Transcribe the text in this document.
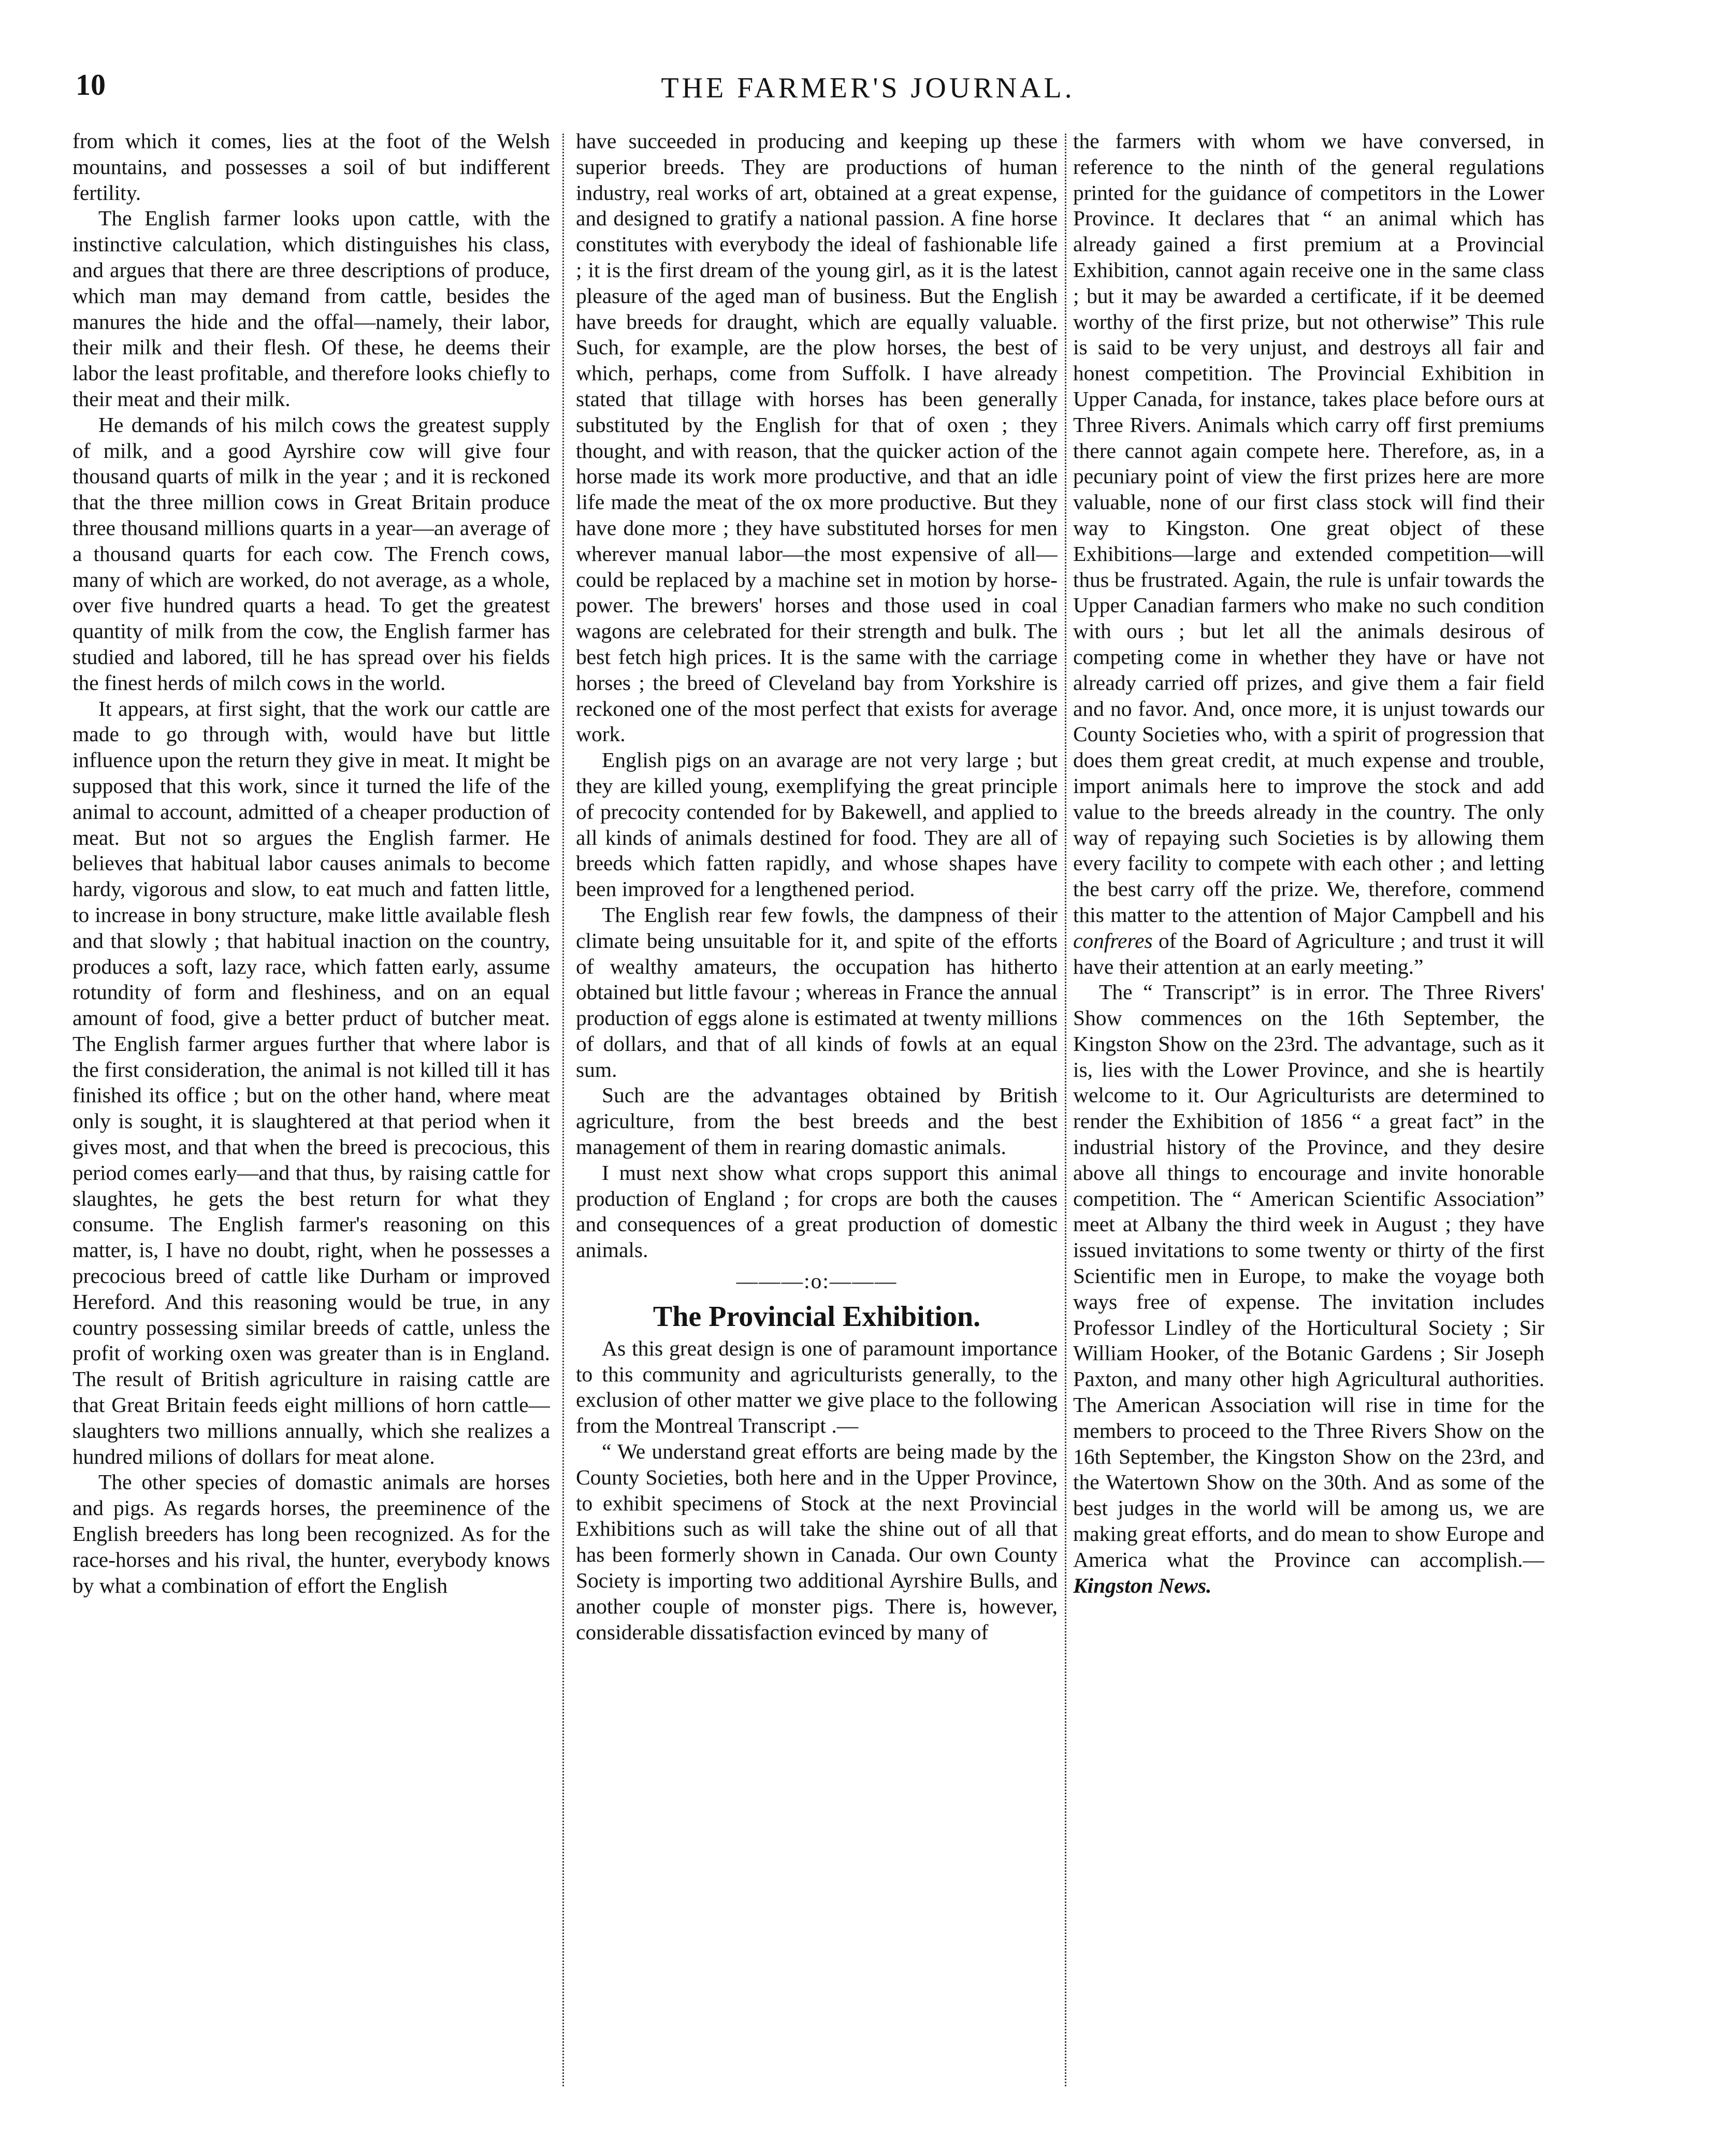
10	THE FARMER'S JOURNAL.

from which it comes, lies at the foot of the Welsh mountains, and possesses a soil of but indifferent fertility.

The English farmer looks upon cattle, with the instinctive calculation, which distinguishes his class, and argues that there are three descriptions of produce, which man may demand from cattle, besides the manures the hide and the offal—namely, their labor, their milk and their flesh. Of these, he deems their labor the least profitable, and therefore looks chiefly to their meat and their milk.

He demands of his milch cows the greatest supply of milk, and a good Ayrshire cow will give four thousand quarts of milk in the year ; and it is reckoned that the three million cows in Great Britain produce three thousand millions quarts in a year—an average of a thousand quarts for each cow. The French cows, many of which are worked, do not average, as a whole, over five hundred quarts a head. To get the greatest quantity of milk from the cow, the English farmer has studied and labored, till he has spread over his fields the finest herds of milch cows in the world.

It appears, at first sight, that the work our cattle are made to go through with, would have but little influence upon the return they give in meat. It might be supposed that this work, since it turned the life of the animal to account, admitted of a cheaper production of meat. But not so argues the English farmer. He believes that habitual labor causes animals to become hardy, vigorous and slow, to eat much and fatten little, to increase in bony structure, make little available flesh and that slowly ; that habitual inaction on the country, produces a soft, lazy race, which fatten early, assume rotundity of form and fleshiness, and on an equal amount of food, give a better prduct of butcher meat. The English farmer argues further that where labor is the first consideration, the animal is not killed till it has finished its office ; but on the other hand, where meat only is sought, it is slaughtered at that period when it gives most, and that when the breed is precocious, this period comes early—and that thus, by raising cattle for slaughtes, he gets the best return for what they consume. The English farmer's reasoning on this matter, is, I have no doubt, right, when he possesses a precocious breed of cattle like Durham or improved Hereford. And this reasoning would be true, in any country possessing similar breeds of cattle, unless the profit of working oxen was greater than is in England. The result of British agriculture in raising cattle are that Great Britain feeds eight millions of horn cattle—slaughters two millions annually, which she realizes a hundred milions of dollars for meat alone.

The other species of domastic animals are horses and pigs. As regards horses, the preeminence of the English breeders has long been recognized. As for the race-horses and his rival, the hunter, everybody knows by what a combination of effort the English

have succeeded in producing and keeping up these superior breeds. They are productions of human industry, real works of art, obtained at a great expense, and designed to gratify a national passion. A fine horse constitutes with everybody the ideal of fashionable life ; it is the first dream of the young girl, as it is the latest pleasure of the aged man of business. But the English have breeds for draught, which are equally valuable. Such, for example, are the plow horses, the best of which, perhaps, come from Suffolk. I have already stated that tillage with horses has been generally substituted by the English for that of oxen ; they thought, and with reason, that the quicker action of the horse made its work more productive, and that an idle life made the meat of the ox more productive. But they have done more ; they have substituted horses for men wherever manual labor—the most expensive of all—could be replaced by a machine set in motion by horse-power. The brewers' horses and those used in coal wagons are celebrated for their strength and bulk. The best fetch high prices. It is the same with the carriage horses ; the breed of Cleveland bay from Yorkshire is reckoned one of the most perfect that exists for average work.

English pigs on an avarage are not very large ; but they are killed young, exemplifying the great principle of precocity contended for by Bakewell, and applied to all kinds of animals destined for food. They are all of breeds which fatten rapidly, and whose shapes have been improved for a lengthened period.

The English rear few fowls, the dampness of their climate being unsuitable for it, and spite of the efforts of wealthy amateurs, the occupation has hitherto obtained but little favour ; whereas in France the annual production of eggs alone is estimated at twenty millions of dollars, and that of all kinds of fowls at an equal sum.

Such are the advantages obtained by British agriculture, from the best breeds and the best management of them in rearing domastic animals.

I must next show what crops support this animal production of England ; for crops are both the causes and consequences of a great production of domestic animals.

———:o:———
The Provincial Exhibition.

As this great design is one of paramount importance to this community and agriculturists generally, to the exclusion of other matter we give place to the following from the Montreal Transcript .—

“ We understand great efforts are being made by the County Societies, both here and in the Upper Province, to exhibit specimens of Stock at the next Provincial Exhibitions such as will take the shine out of all that has been formerly shown in Canada. Our own County Society is importing two additional Ayrshire Bulls, and another couple of monster pigs. There is, however, considerable dissatisfaction evinced by many of

the farmers with whom we have conversed, in reference to the ninth of the general regulations printed for the guidance of competitors in the Lower Province. It declares that “ an animal which has already gained a first premium at a Provincial Exhibition, cannot again receive one in the same class ; but it may be awarded a certificate, if it be deemed worthy of the first prize, but not otherwise” This rule is said to be very unjust, and destroys all fair and honest competition. The Provincial Exhibition in Upper Canada, for instance, takes place before ours at Three Rivers. Animals which carry off first premiums there cannot again compete here. Therefore, as, in a pecuniary point of view the first prizes here are more valuable, none of our first class stock will find their way to Kingston. One great object of these Exhibitions—large and extended competition—will thus be frustrated. Again, the rule is unfair towards the Upper Canadian farmers who make no such condition with ours ; but let all the animals desirous of competing come in whether they have or have not already carried off prizes, and give them a fair field and no favor. And, once more, it is unjust towards our County Societies who, with a spirit of progression that does them great credit, at much expense and trouble, import animals here to improve the stock and add value to the breeds already in the country. The only way of repaying such Societies is by allowing them every facility to compete with each other ; and letting the best carry off the prize. We, therefore, commend this matter to the attention of Major Campbell and his confreres of the Board of Agriculture ; and trust it will have their attention at an early meeting.”

The “ Transcript” is in error. The Three Rivers' Show commences on the 16th September, the Kingston Show on the 23rd. The advantage, such as it is, lies with the Lower Province, and she is heartily welcome to it. Our Agriculturists are determined to render the Exhibition of 1856 “ a great fact” in the industrial history of the Province, and they desire above all things to encourage and invite honorable competition. The “ American Scientific Association” meet at Albany the third week in August ; they have issued invitations to some twenty or thirty of the first Scientific men in Europe, to make the voyage both ways free of expense. The invitation includes Professor Lindley of the Horticultural Society ; Sir William Hooker, of the Botanic Gardens ; Sir Joseph Paxton, and many other high Agricultural authorities. The American Association will rise in time for the members to proceed to the Three Rivers Show on the 16th September, the Kingston Show on the 23rd, and the Watertown Show on the 30th. And as some of the best judges in the world will be among us, we are making great efforts, and do mean to show Europe and America what the Province can accomplish.—Kingston News.
